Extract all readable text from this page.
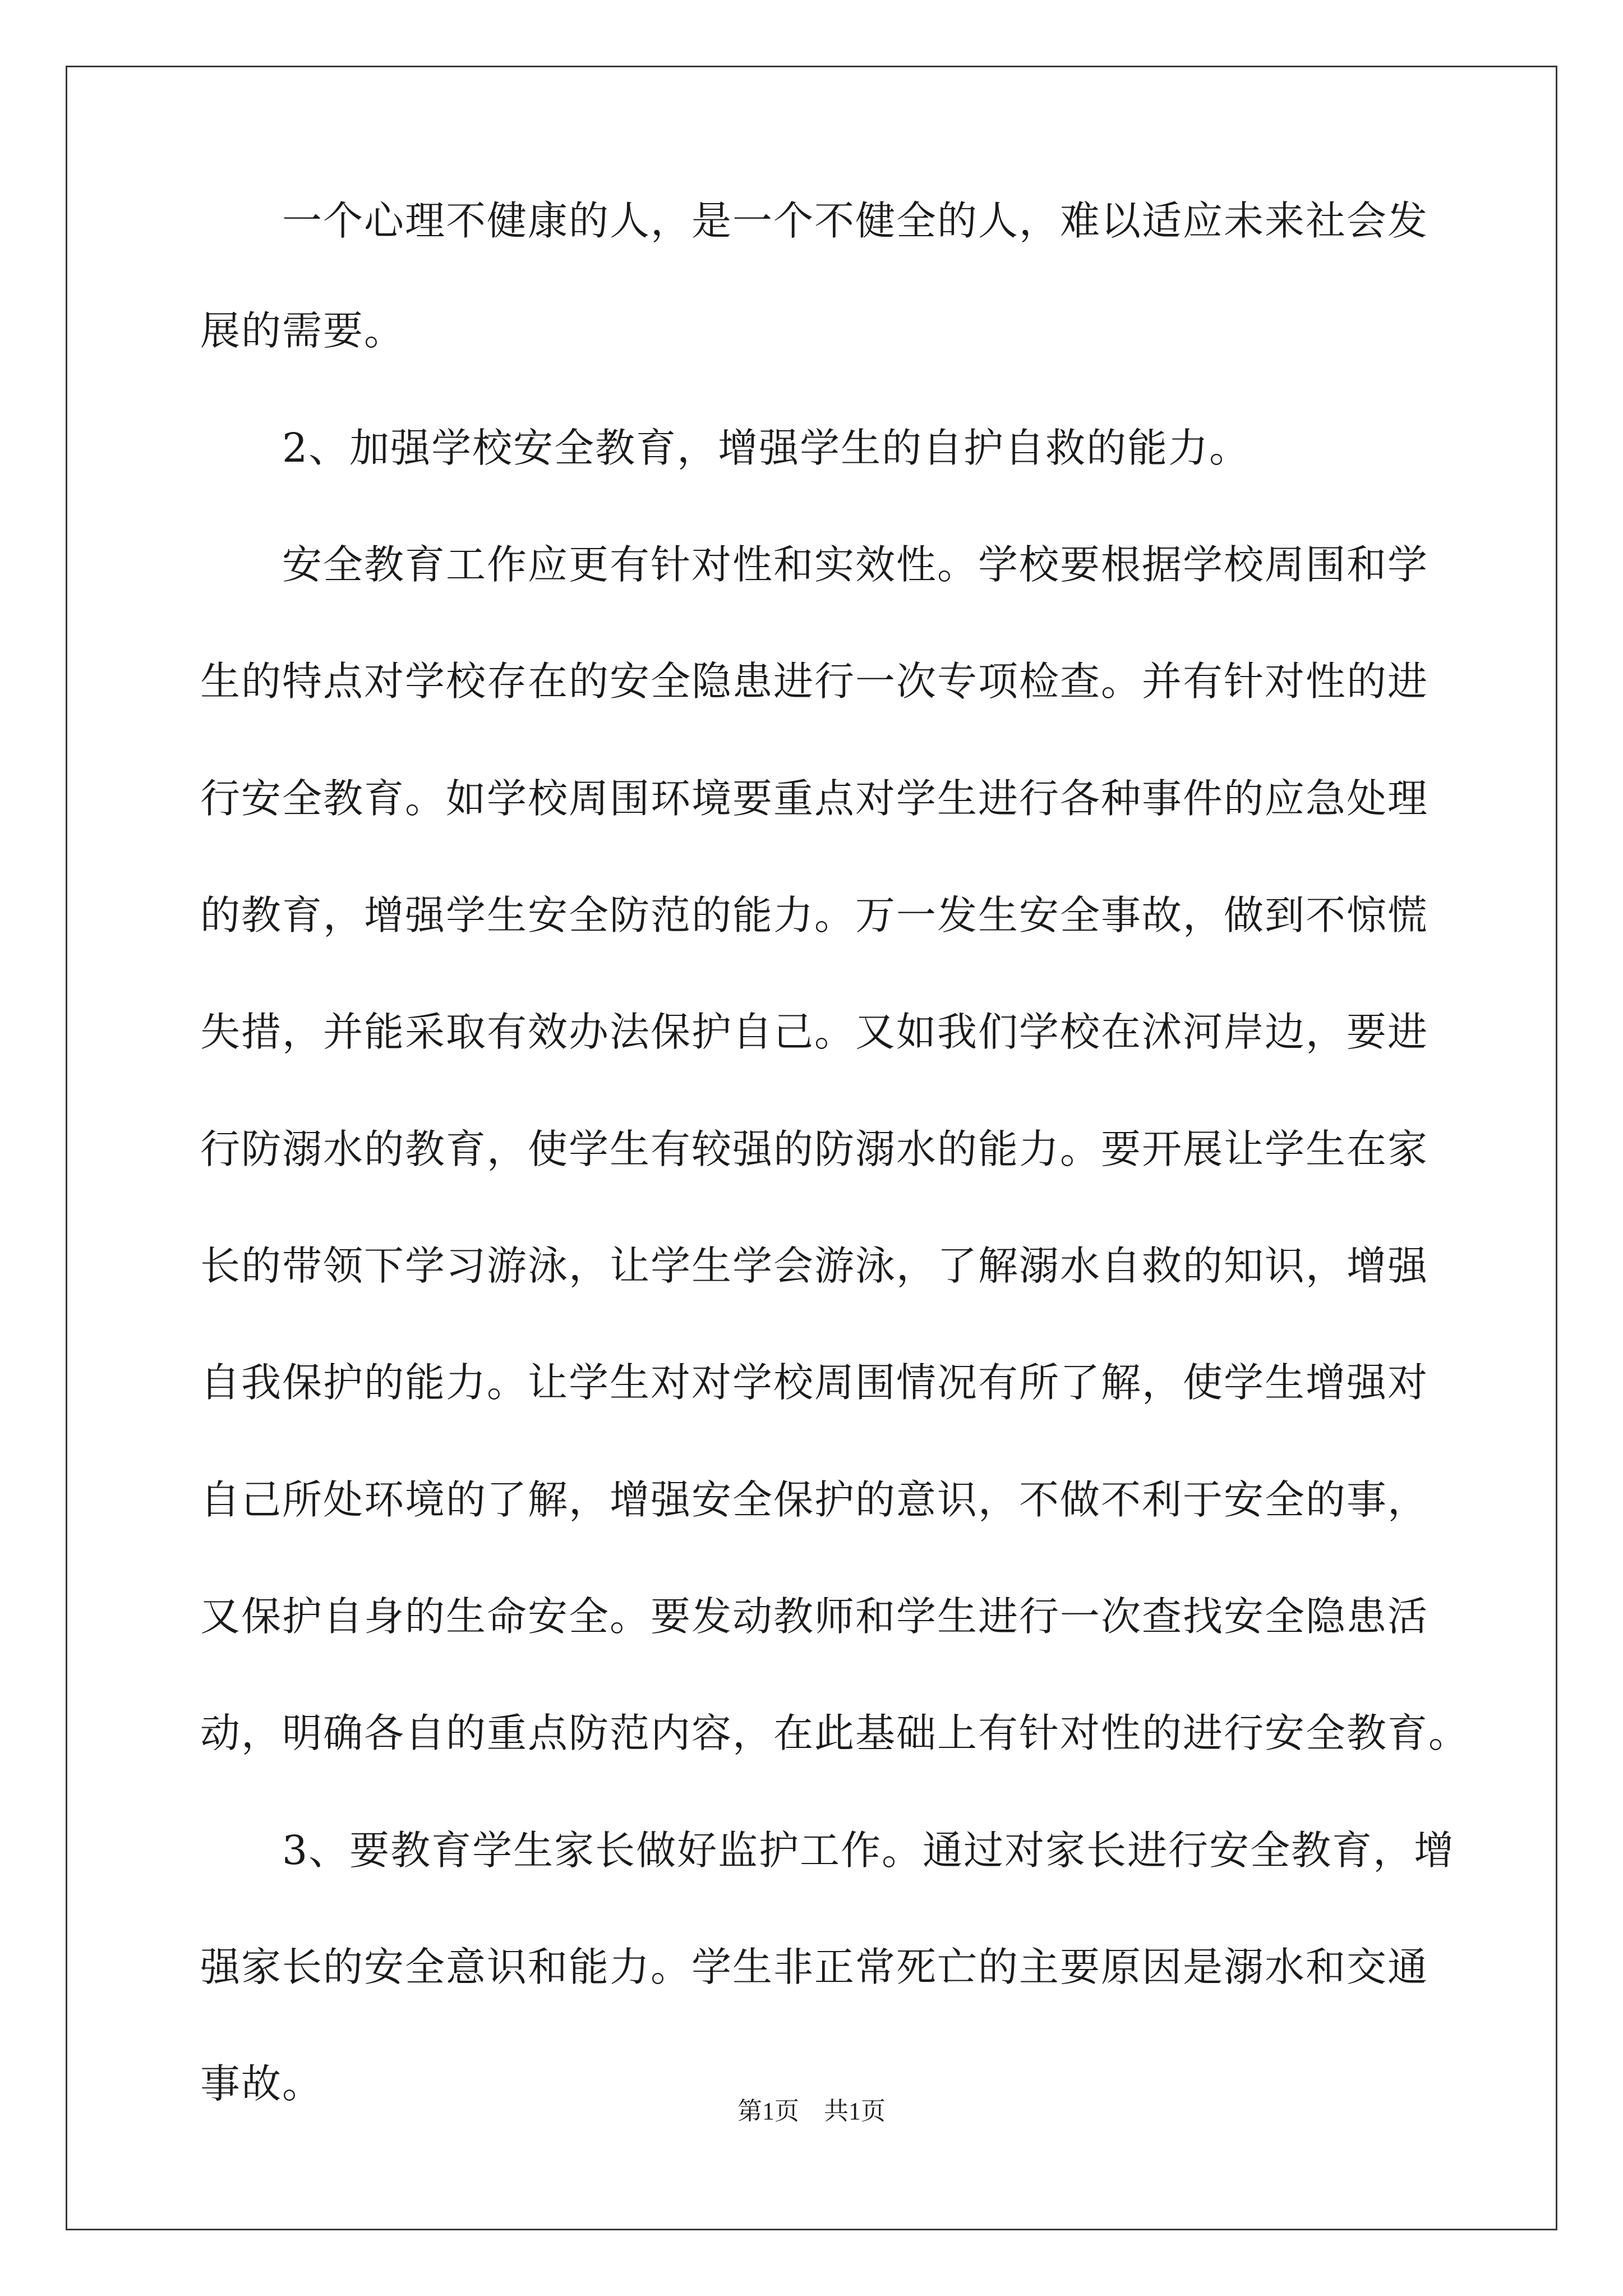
　　一个心理不健康的人，是一个不健全的人，难以适应未来社会发

展的需要。

　　2、加强学校安全教育，增强学生的自护自救的能力。

　　安全教育工作应更有针对性和实效性。学校要根据学校周围和学

生的特点对学校存在的安全隐患进行一次专项检查。并有针对性的进

行安全教育。如学校周围环境要重点对学生进行各种事件的应急处理

的教育，增强学生安全防范的能力。万一发生安全事故，做到不惊慌

失措，并能采取有效办法保护自己。又如我们学校在沭河岸边，要进

行防溺水的教育，使学生有较强的防溺水的能力。要开展让学生在家

长的带领下学习游泳，让学生学会游泳，了解溺水自救的知识，增强

自我保护的能力。让学生对对学校周围情况有所了解，使学生增强对

自己所处环境的了解，增强安全保护的意识，不做不利于安全的事，

又保护自身的生命安全。要发动教师和学生进行一次查找安全隐患活

动，明确各自的重点防范内容，在此基础上有针对性的进行安全教育。

　　3、要教育学生家长做好监护工作。通过对家长进行安全教育，增

强家长的安全意识和能力。学生非正常死亡的主要原因是溺水和交通

事故。

第1页　共1页
